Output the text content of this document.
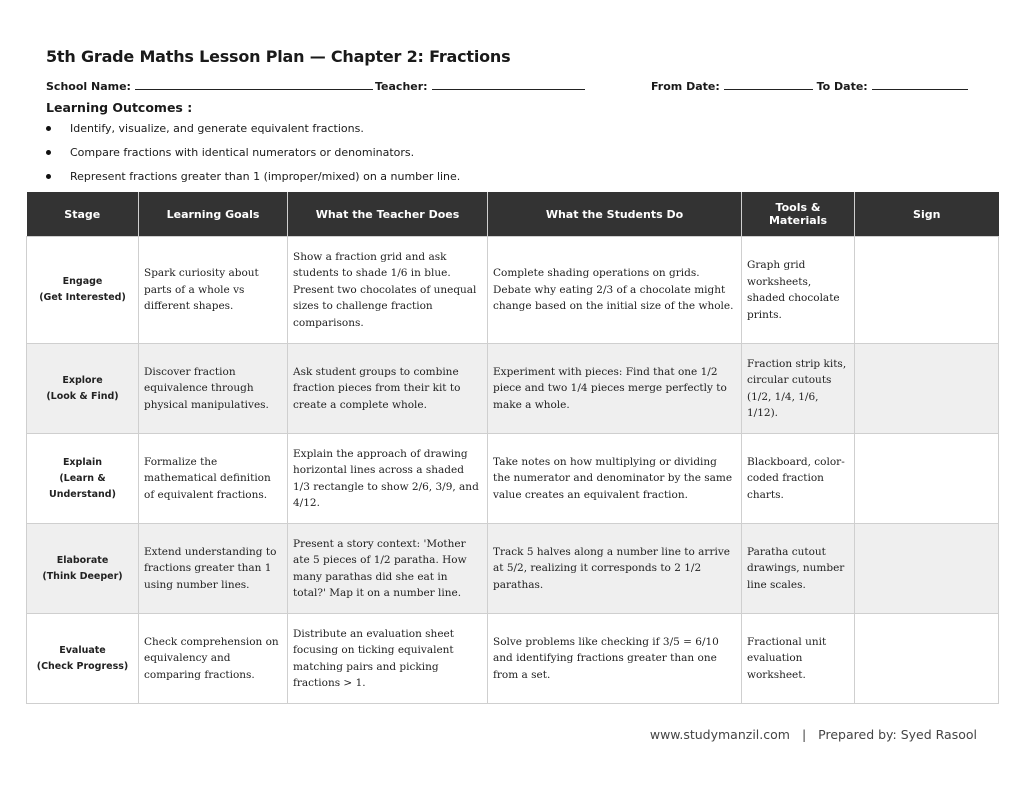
5th Grade Maths Lesson Plan — Chapter 2: Fractions
School Name:	Teacher:	From Date:	To Date:
Learning Outcomes :
Identify, visualize, and generate equivalent fractions.
Compare fractions with identical numerators or denominators.
Represent fractions greater than 1 (improper/mixed) on a number line.
Stage	Learning Goals	What the Teacher Does	What the Students Do	Tools & Materials	Sign

Engage
(Get Interested)	Spark curiosity about parts of a whole vs different shapes.	Show a fraction grid and ask students to shade 1/6 in blue. Present two chocolates of unequal sizes to challenge fraction comparisons.	Complete shading operations on grids. Debate why eating 2/3 of a chocolate might change based on the initial size of the whole.	Graph grid worksheets, shaded chocolate prints.	

Explore
(Look & Find)	Discover fraction equivalence through physical manipulatives.	Ask student groups to combine fraction pieces from their kit to create a complete whole.	Experiment with pieces: Find that one 1/2 piece and two 1/4 pieces merge perfectly to make a whole.	Fraction strip kits, circular cutouts (1/2, 1/4, 1/6, 1/12).	

Explain
(Learn & Understand)	Formalize the mathematical definition of equivalent fractions.	Explain the approach of drawing horizontal lines across a shaded 1/3 rectangle to show 2/6, 3/9, and 4/12.	Take notes on how multiplying or dividing the numerator and denominator by the same value creates an equivalent fraction.	Blackboard, color-coded fraction charts.	

Elaborate
(Think Deeper)	Extend understanding to fractions greater than 1 using number lines.	Present a story context: 'Mother ate 5 pieces of 1/2 paratha. How many parathas did she eat in total?' Map it on a number line.	Track 5 halves along a number line to arrive at 5/2, realizing it corresponds to 2 1/2 parathas.	Paratha cutout drawings, number line scales.	

Evaluate
(Check Progress)	Check comprehension on equivalency and comparing fractions.	Distribute an evaluation sheet focusing on ticking equivalent matching pairs and picking fractions > 1.	Solve problems like checking if 3/5 = 6/10 and identifying fractions greater than one from a set.	Fractional unit evaluation worksheet.	
www.studymanzil.com | Prepared by: Syed Rasool
